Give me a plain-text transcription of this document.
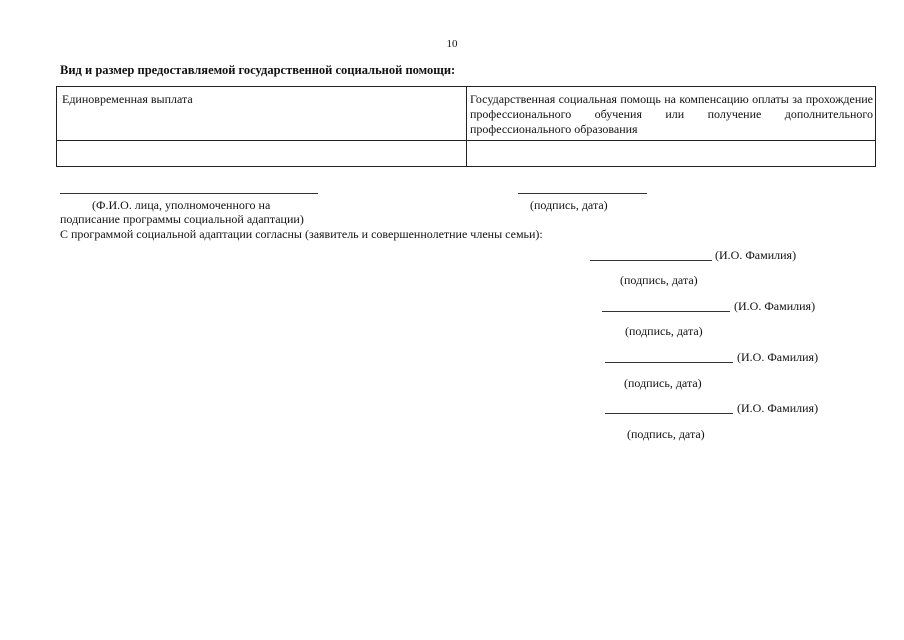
10
Вид и размер предоставляемой государственной социальной помощи:
Единовременная выплата	Государственная социальная помощь на компенсацию оплаты за прохождение профессионального обучения или получение дополнительного профессионального образования
(Ф.И.О. лица, уполномоченного на	(подпись, дата)
подписание программы социальной адаптации)
С программой социальной адаптации согласны (заявитель и совершеннолетние члены семьи):
(И.О. Фамилия)
(подпись, дата)
(И.О. Фамилия)
(подпись, дата)
(И.О. Фамилия)
(подпись, дата)
(И.О. Фамилия)
(подпись, дата)
